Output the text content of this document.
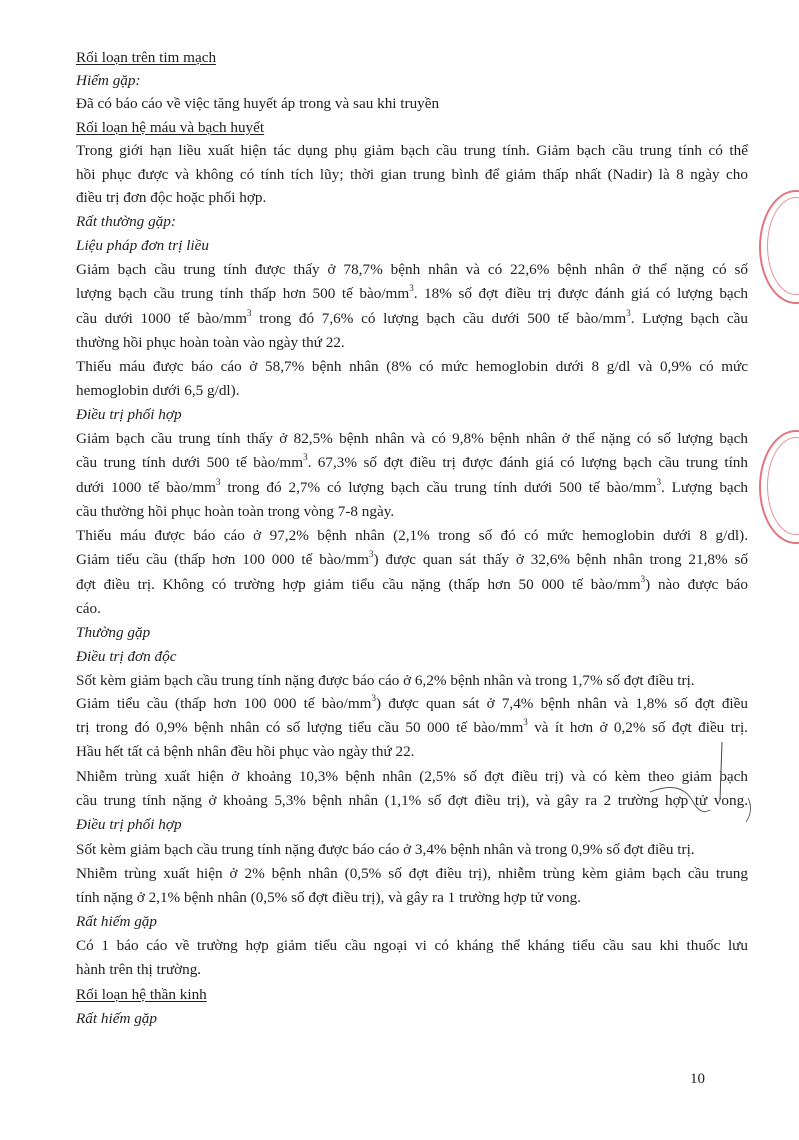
Rối loạn trên tim mạch
Hiếm gặp:
Đã có báo cáo về việc tăng huyết áp trong và sau khi truyền
Rối loạn hệ máu và bạch huyết
Trong giới hạn liều xuất hiện tác dụng phụ giảm bạch cầu trung tính. Giảm bạch cầu trung tính có thể
hồi phục được và không có tính tích lũy; thời gian trung bình để giảm thấp nhất (Nadir) là 8 ngày cho
điều trị đơn độc hoặc phối hợp.
Rất thường gặp:
Liệu pháp đơn trị liều
Giảm bạch cầu trung tính được thấy ở 78,7% bệnh nhân và có 22,6% bệnh nhân ở thể nặng có số
lượng bạch cầu trung tính thấp hơn 500 tế bào/$mm^3$. 18% số đợt điều trị được đánh giá có lượng bạch
cầu dưới 1000 tế bào/$mm^3$ trong đó 7,6% có lượng bạch cầu dưới 500 tế bào/$mm^3$. Lượng bạch cầu
thường hồi phục hoàn toàn vào ngày thứ 22.
Thiếu máu được báo cáo ở 58,7% bệnh nhân (8% có mức hemoglobin dưới 8 g/dl và 0,9% có mức
hemoglobin dưới 6,5 g/dl).
Điều trị phối hợp
Giảm bạch cầu trung tính thấy ở 82,5% bệnh nhân và có 9,8% bệnh nhân ở thể nặng có số lượng bạch
cầu trung tính dưới 500 tế bào/$mm^3$. 67,3% số đợt điều trị được đánh giá có lượng bạch cầu trung tính
dưới 1000 tế bào/$mm^3$ trong đó 2,7% có lượng bạch cầu trung tính dưới 500 tế bào/$mm^3$. Lượng bạch
cầu thường hồi phục hoàn toàn trong vòng 7-8 ngày.
Thiếu máu được báo cáo ở 97,2% bệnh nhân (2,1% trong số đó có mức hemoglobin dưới 8 g/dl).
Giảm tiểu cầu (thấp hơn 100 000 tế bào/$mm^3$) được quan sát thấy ở 32,6% bệnh nhân trong 21,8% số
đợt điều trị. Không có trường hợp giảm tiểu cầu nặng (thấp hơn 50 000 tế bào/$mm^3$) nào được báo
cáo.
Thường gặp
Điều trị đơn độc
Sốt kèm giảm bạch cầu trung tính nặng được báo cáo ở 6,2% bệnh nhân và trong 1,7% số đợt điều trị.
Giảm tiểu cầu (thấp hơn 100 000 tế bào/$mm^3$) được quan sát ở 7,4% bệnh nhân và 1,8% số đợt điều
trị trong đó 0,9% bệnh nhân có số lượng tiểu cầu 50 000 tế bào/$mm^3$ và ít hơn ở 0,2% số đợt điều trị.
Hầu hết tất cả bệnh nhân đều hồi phục vào ngày thứ 22.
Nhiễm trùng xuất hiện ở khoảng 10,3% bệnh nhân (2,5% số đợt điều trị) và có kèm theo giảm bạch
cầu trung tính nặng ở khoảng 5,3% bệnh nhân (1,1% số đợt điều trị), và gây ra 2 trường hợp tử vong.
Điều trị phối hợp
Sốt kèm giảm bạch cầu trung tính nặng được báo cáo ở 3,4% bệnh nhân và trong 0,9% số đợt điều trị.
Nhiễm trùng xuất hiện ở 2% bệnh nhân (0,5% số đợt điều trị), nhiễm trùng kèm giảm bạch cầu trung
tính nặng ở 2,1% bệnh nhân (0,5% số đợt điều trị), và gây ra 1 trường hợp tử vong.
Rất hiếm gặp
Có 1 báo cáo về trường hợp giảm tiểu cầu ngoại vi có kháng thể kháng tiểu cầu sau khi thuốc lưu
hành trên thị trường.
Rối loạn hệ thần kinh
Rất hiếm gặp
10
